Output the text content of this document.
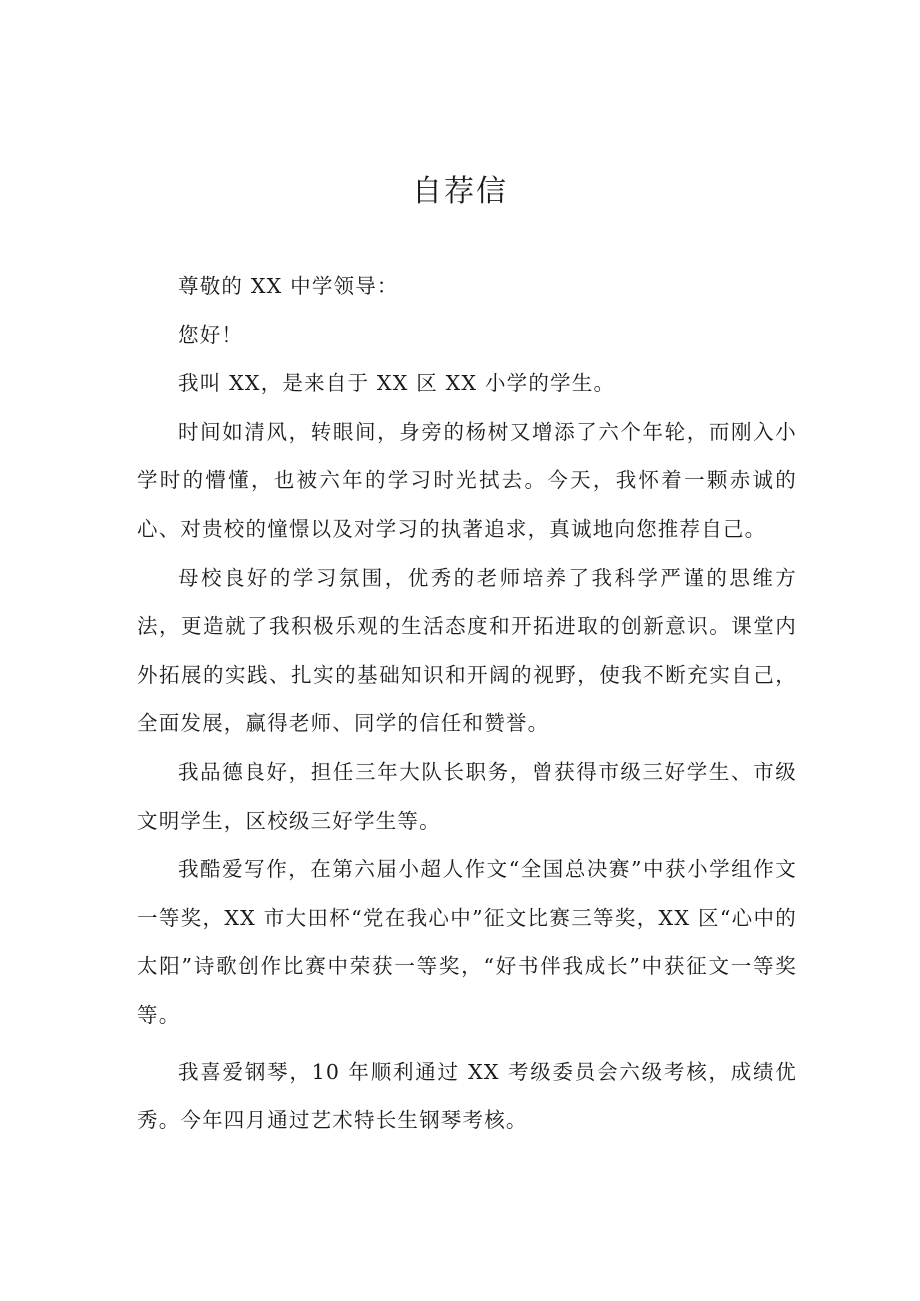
自荐信

尊敬的 XX 中学领导：

您好！

我叫 XX，是来自于 XX 区 XX 小学的学生。

时间如清风，转眼间，身旁的杨树又增添了六个年轮，而刚入小学时的懵懂，也被六年的学习时光拭去。今天，我怀着一颗赤诚的心、对贵校的憧憬以及对学习的执著追求，真诚地向您推荐自己。

母校良好的学习氛围，优秀的老师培养了我科学严谨的思维方法，更造就了我积极乐观的生活态度和开拓进取的创新意识。课堂内外拓展的实践、扎实的基础知识和开阔的视野，使我不断充实自己，全面发展，赢得老师、同学的信任和赞誉。

我品德良好，担任三年大队长职务，曾获得市级三好学生、市级文明学生，区校级三好学生等。

我酷爱写作，在第六届小超人作文“全国总决赛”中获小学组作文一等奖，XX 市大田杯“党在我心中”征文比赛三等奖，XX 区“心中的太阳”诗歌创作比赛中荣获一等奖，“好书伴我成长”中获征文一等奖等。

我喜爱钢琴，10 年顺利通过 XX 考级委员会六级考核，成绩优秀。今年四月通过艺术特长生钢琴考核。
